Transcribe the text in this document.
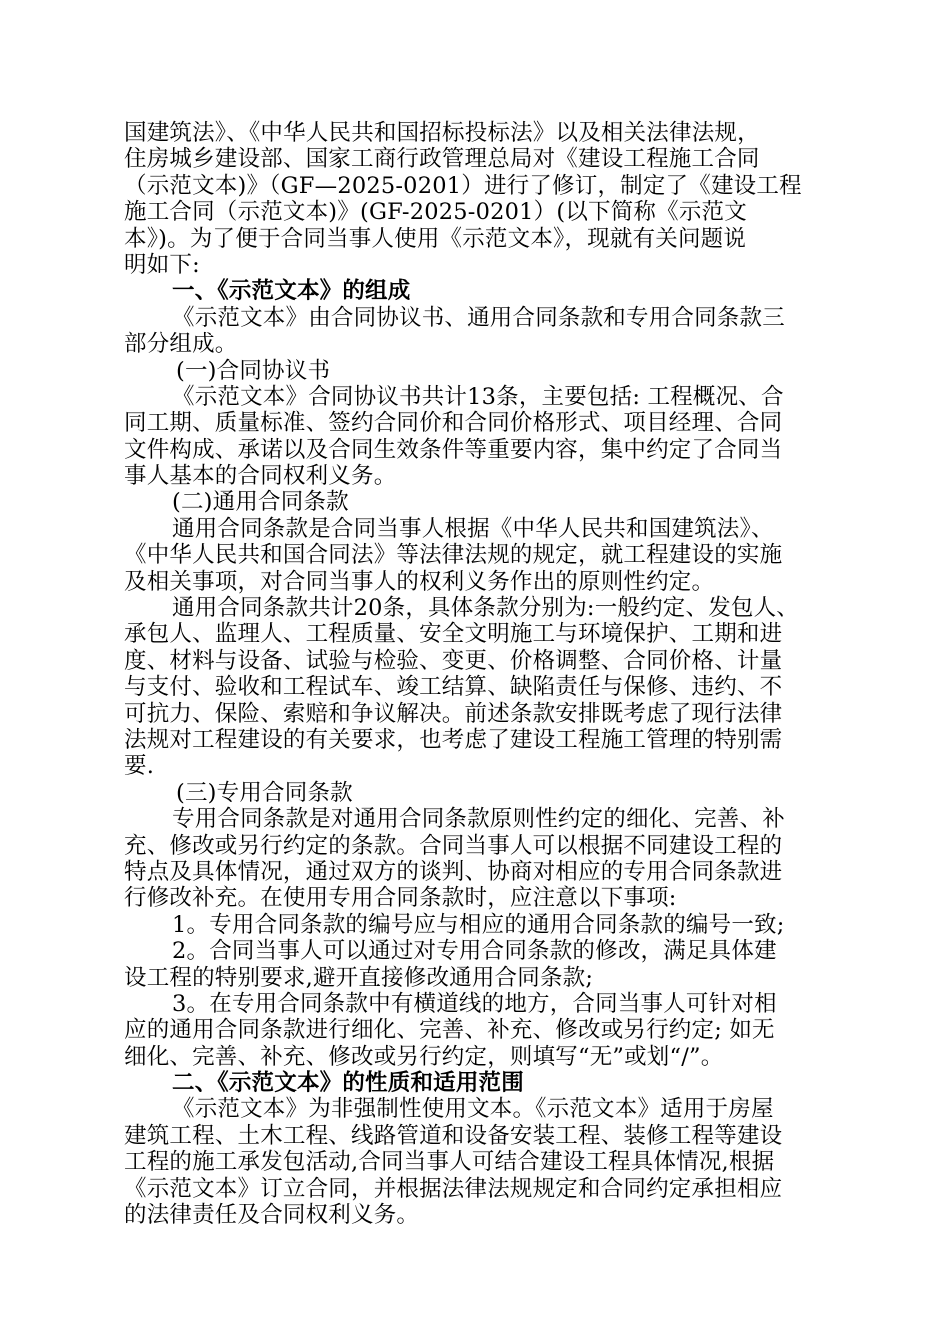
国建筑法》、《中华人民共和国招标投标法》以及相关法律法规，
住房城乡建设部、国家工商行政管理总局对《建设工程施工合同
（示范文本)》（GF—2025-0201）进行了修订，制定了《建设工程
施工合同（示范文本)》(GF-2025-0201）(以下简称《示范文
本》)。为了便于合同当事人使用《示范文本》，现就有关问题说
明如下:
一、《示范文本》的组成
《示范文本》由合同协议书、通用合同条款和专用合同条款三
部分组成。
(一)合同协议书
《示范文本》合同协议书共计13条，主要包括: 工程概况、合
同工期、质量标准、签约合同价和合同价格形式、项目经理、合同
文件构成、承诺以及合同生效条件等重要内容，集中约定了合同当
事人基本的合同权利义务。
(二)通用合同条款
通用合同条款是合同当事人根据《中华人民共和国建筑法》、
《中华人民共和国合同法》等法律法规的规定，就工程建设的实施
及相关事项，对合同当事人的权利义务作出的原则性约定。
通用合同条款共计20条，具体条款分别为:一般约定、发包人、
承包人、监理人、工程质量、安全文明施工与环境保护、工期和进
度、材料与设备、试验与检验、变更、价格调整、合同价格、计量
与支付、验收和工程试车、竣工结算、缺陷责任与保修、违约、不
可抗力、保险、索赔和争议解决。前述条款安排既考虑了现行法律
法规对工程建设的有关要求，也考虑了建设工程施工管理的特别需
要.
(三)专用合同条款
专用合同条款是对通用合同条款原则性约定的细化、完善、补
充、修改或另行约定的条款。合同当事人可以根据不同建设工程的
特点及具体情况，通过双方的谈判、协商对相应的专用合同条款进
行修改补充。在使用专用合同条款时，应注意以下事项:
1。专用合同条款的编号应与相应的通用合同条款的编号一致;
2。合同当事人可以通过对专用合同条款的修改，满足具体建
设工程的特别要求,避开直接修改通用合同条款;
3。在专用合同条款中有横道线的地方，合同当事人可针对相
应的通用合同条款进行细化、完善、补充、修改或另行约定; 如无
细化、完善、补充、修改或另行约定，则填写“无”或划“/”。
二、《示范文本》的性质和适用范围
《示范文本》为非强制性使用文本。《示范文本》适用于房屋
建筑工程、土木工程、线路管道和设备安装工程、装修工程等建设
工程的施工承发包活动,合同当事人可结合建设工程具体情况,根据
《示范文本》订立合同，并根据法律法规规定和合同约定承担相应
的法律责任及合同权利义务。
